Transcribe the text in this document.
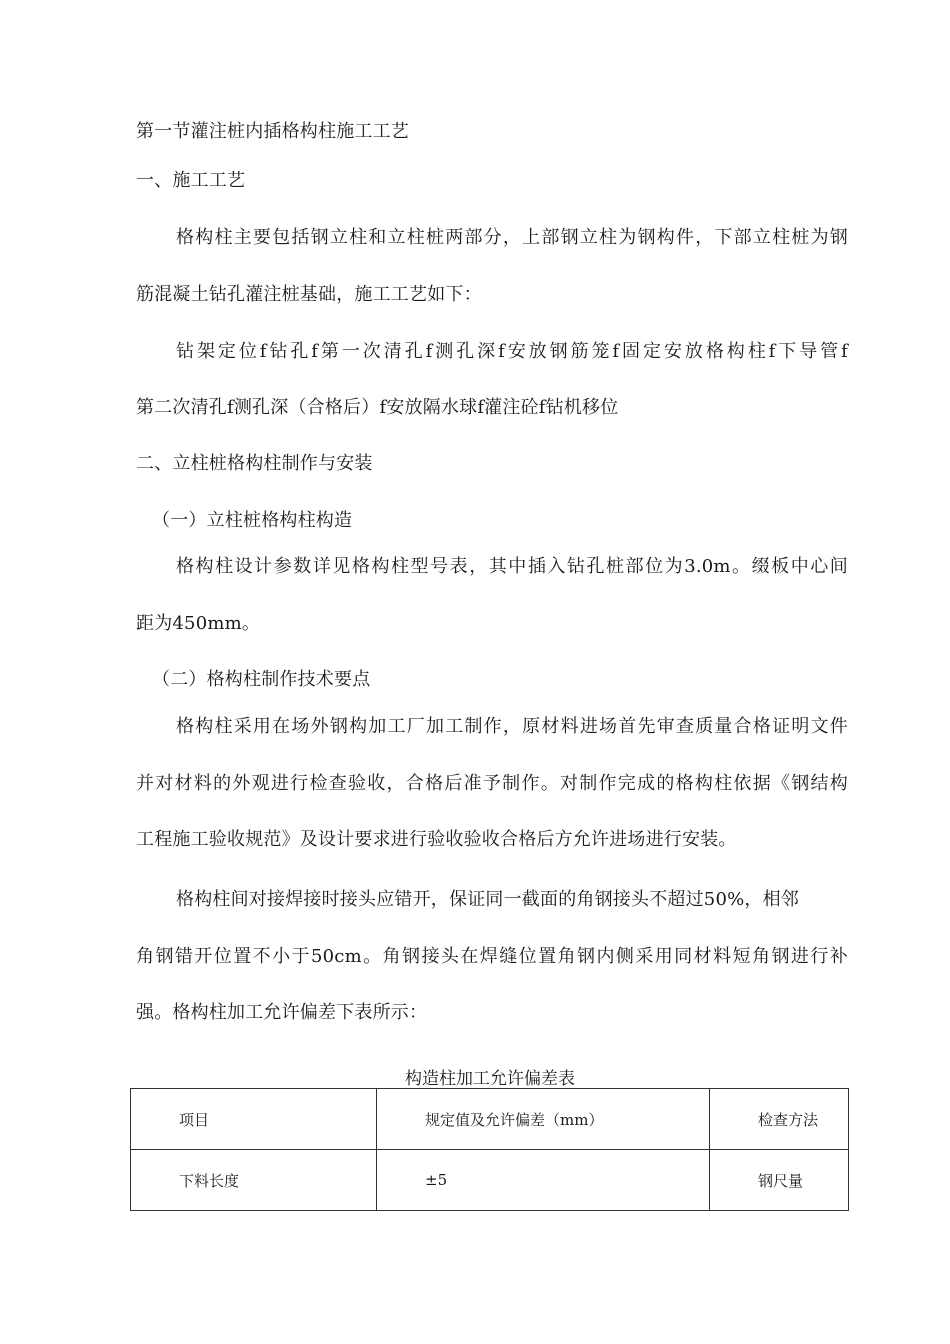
第一节灌注桩内插格构柱施工工艺
一、施工工艺
格构柱主要包括钢立柱和立柱桩两部分，上部钢立柱为钢构件，下部立柱桩为钢
筋混凝土钻孔灌注桩基础，施工工艺如下：
钻架定位f钻孔f第一次清孔f测孔深f安放钢筋笼f固定安放格构柱f下导管f
第二次清孔f测孔深（合格后）f安放隔水球f灌注砼f钻机移位
二、立柱桩格构柱制作与安装
（一）立柱桩格构柱构造
格构柱设计参数详见格构柱型号表，其中插入钻孔桩部位为3.0m。缀板中心间
距为450mm。
（二）格构柱制作技术要点
格构柱采用在场外钢构加工厂加工制作，原材料进场首先审查质量合格证明文件
并对材料的外观进行检查验收，合格后准予制作。对制作完成的格构柱依据《钢结构
工程施工验收规范》及设计要求进行验收验收合格后方允许进场进行安装。
格构柱间对接焊接时接头应错开，保证同一截面的角钢接头不超过50%，相邻
角钢错开位置不小于50cm。角钢接头在焊缝位置角钢内侧采用同材料短角钢进行补
强。格构柱加工允许偏差下表所示：
构造柱加工允许偏差表
项目	规定值及允许偏差（mm）	检查方法
下料长度	±5	钢尺量
